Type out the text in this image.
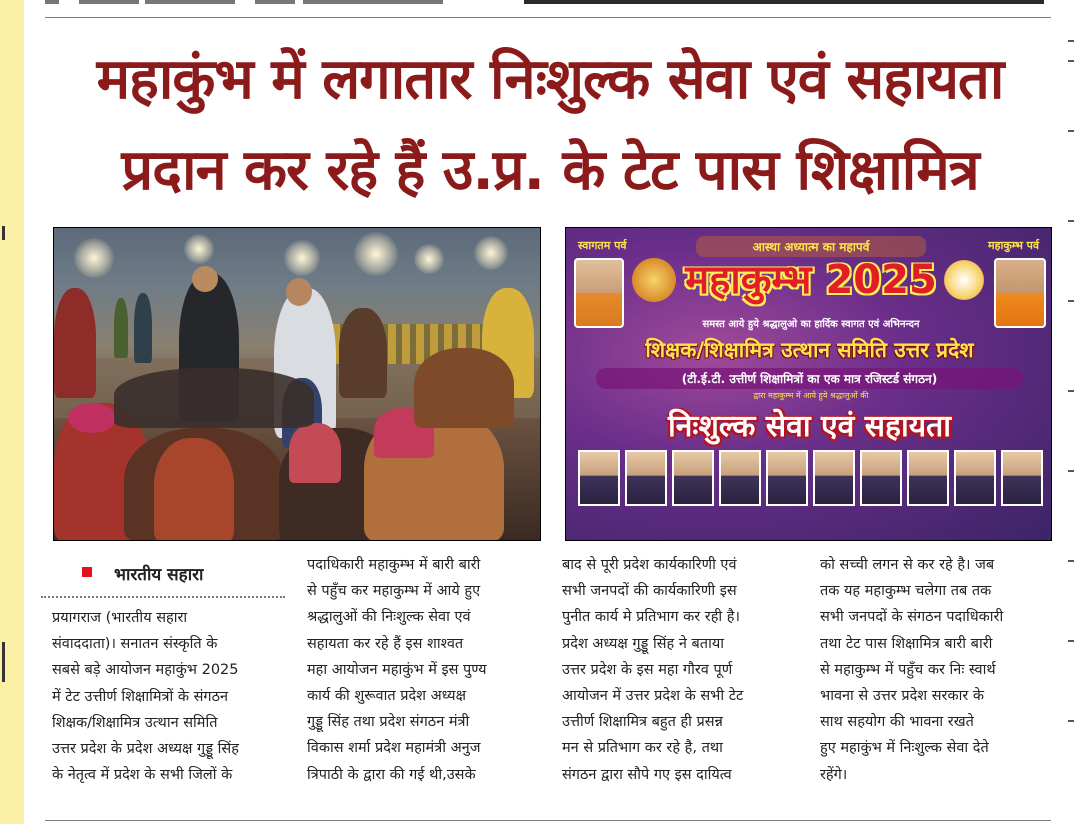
महाकुंभ में लगातार निःशुल्क सेवा एवं सहायता
प्रदान कर रहे हैं उ.प्र. के टेट पास शिक्षामित्र
स्वागतम पर्व	महाकुम्भ पर्व
आस्था अध्यात्म का महापर्व
महाकुम्भ 2025
समस्त आये हुये श्रद्धालुओ का हार्दिक स्वागत एवं अभिनन्दन
शिक्षक/शिक्षामित्र उत्थान समिति उत्तर प्रदेश
(टी.ई.टी. उत्तीर्ण शिक्षामित्रों का एक मात्र रजिस्टर्ड संगठन)
द्वारा महाकुम्भ में आये हुये श्रद्धालुओं की
निःशुल्क सेवा एवं सहायता
भारतीय सहारा
प्रयागराज (भारतीय सहारा
संवाददाता)। सनातन संस्कृति के
सबसे बड़े आयोजन महाकुंभ 2025
में टेट उत्तीर्ण शिक्षामित्रों के संगठन
शिक्षक/शिक्षामित्र उत्थान समिति
उत्तर प्रदेश के प्रदेश अध्यक्ष गुड्डू सिंह
के नेतृत्व में प्रदेश के सभी जिलों के
पदाधिकारी महाकुम्भ में बारी बारी
से पहुँच कर महाकुम्भ में आये हुए
श्रद्धालुओं की निःशुल्क सेवा एवं
सहायता कर रहे हैं इस शाश्वत
महा आयोजन महाकुंभ में इस पुण्य
कार्य की शुरूवात प्रदेश अध्यक्ष
गुड्डू सिंह तथा प्रदेश संगठन मंत्री
विकास शर्मा प्रदेश महामंत्री अनुज
त्रिपाठी के द्वारा की गई थी,उसके
बाद से पूरी प्रदेश कार्यकारिणी एवं
सभी जनपदों की कार्यकारिणी इस
पुनीत कार्य मे प्रतिभाग कर रही है।
प्रदेश अध्यक्ष गुड्डू सिंह ने बताया
उत्तर प्रदेश के इस महा गौरव पूर्ण
आयोजन में उत्तर प्रदेश के सभी टेट
उत्तीर्ण शिक्षामित्र बहुत ही प्रसन्न
मन से प्रतिभाग कर रहे है, तथा
संगठन द्वारा सौपे गए इस दायित्व
को सच्ची लगन से कर रहे है। जब
तक यह महाकुम्भ चलेगा तब तक
सभी जनपदों के संगठन पदाधिकारी
तथा टेट पास शिक्षामित्र बारी बारी
से महाकुम्भ में पहुँच कर निः स्वार्थ
भावना से उत्तर प्रदेश सरकार के
साथ सहयोग की भावना रखते
हुए महाकुंभ में निःशुल्क सेवा देते
रहेंगे।
